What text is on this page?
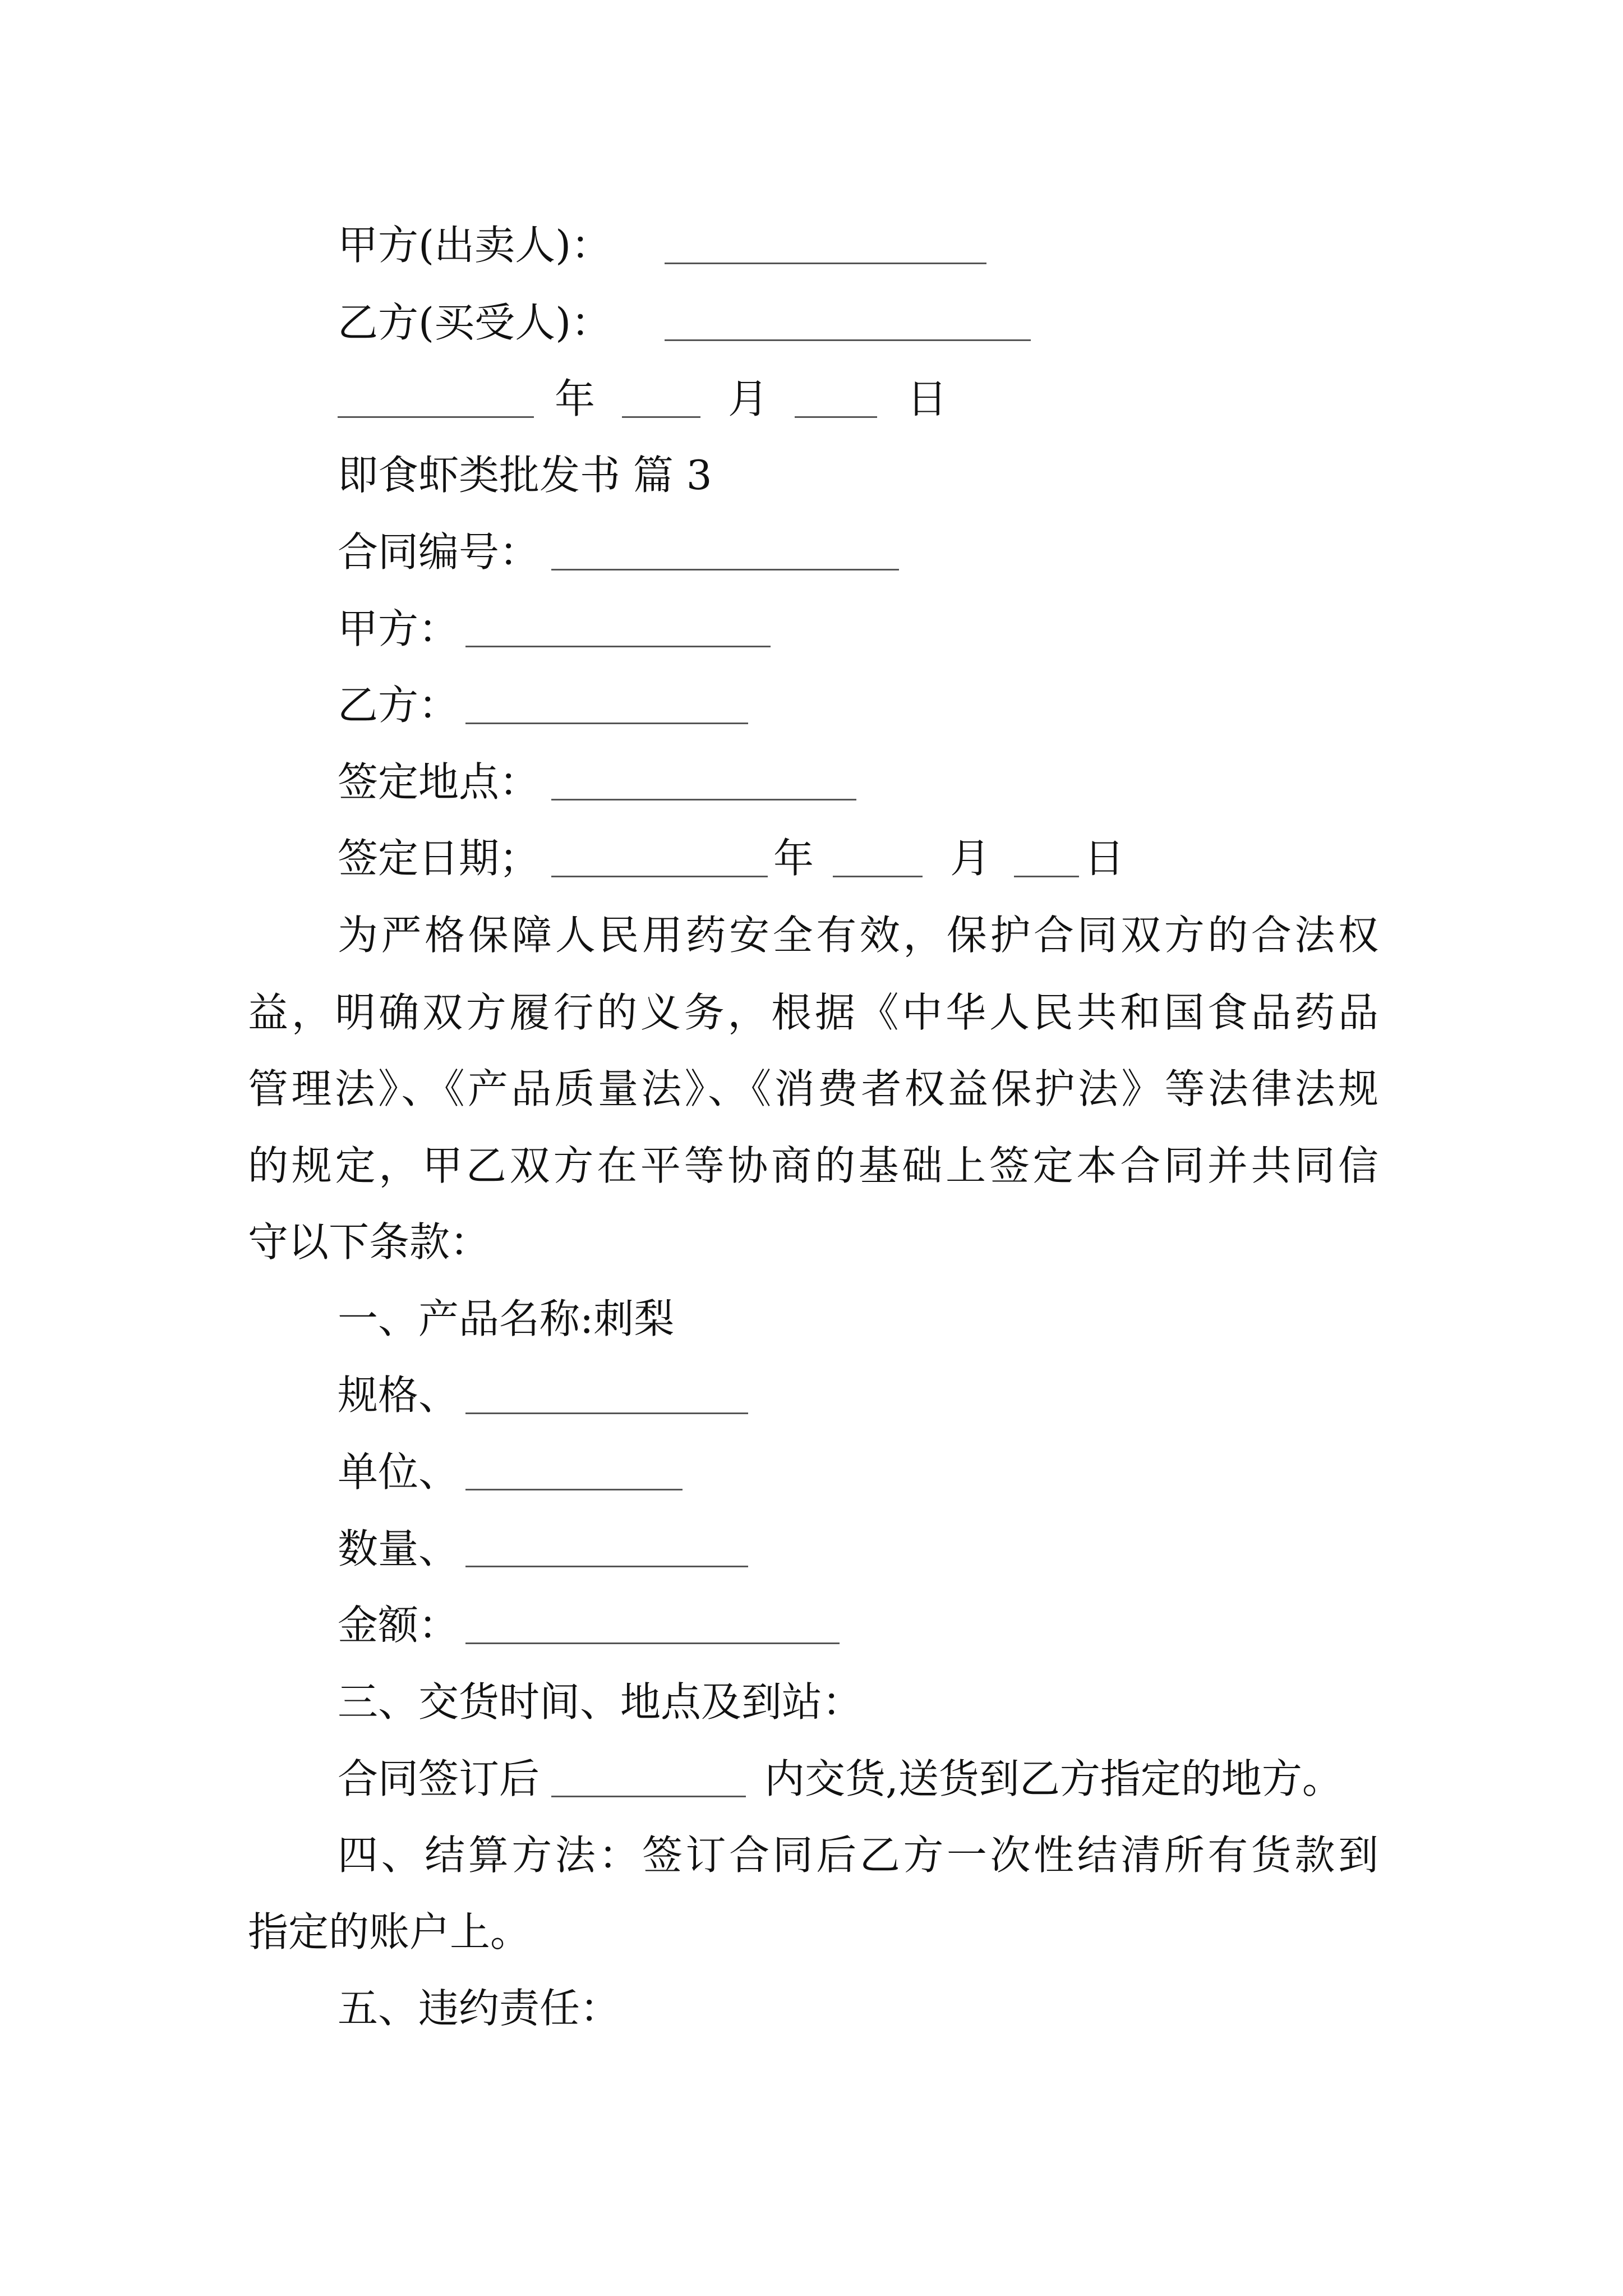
甲方(出卖人)：

乙方(买受人)：

年	月	日

即食虾类批发书 篇 3

合同编号：

甲方：

乙方：

签定地点：

签定日期；	年	月 日

为严格保障人民用药安全有效，保护合同双方的合法权

益，明确双方履行的义务，根据《中华人民共和国食品药品

管理法》、《产品质量法》、《消费者权益保护法》等法律法规

的规定，甲乙双方在平等协商的基础上签定本合同并共同信

守以下条款：

一、产品名称:刺梨

规格、

单位、

数量、

金额：

三、交货时间、地点及到站：

合同签订后	内交货,送货到乙方指定的地方。

四、结算方法：签订合同后乙方一次性结清所有货款到

指定的账户上。

五、违约责任：
